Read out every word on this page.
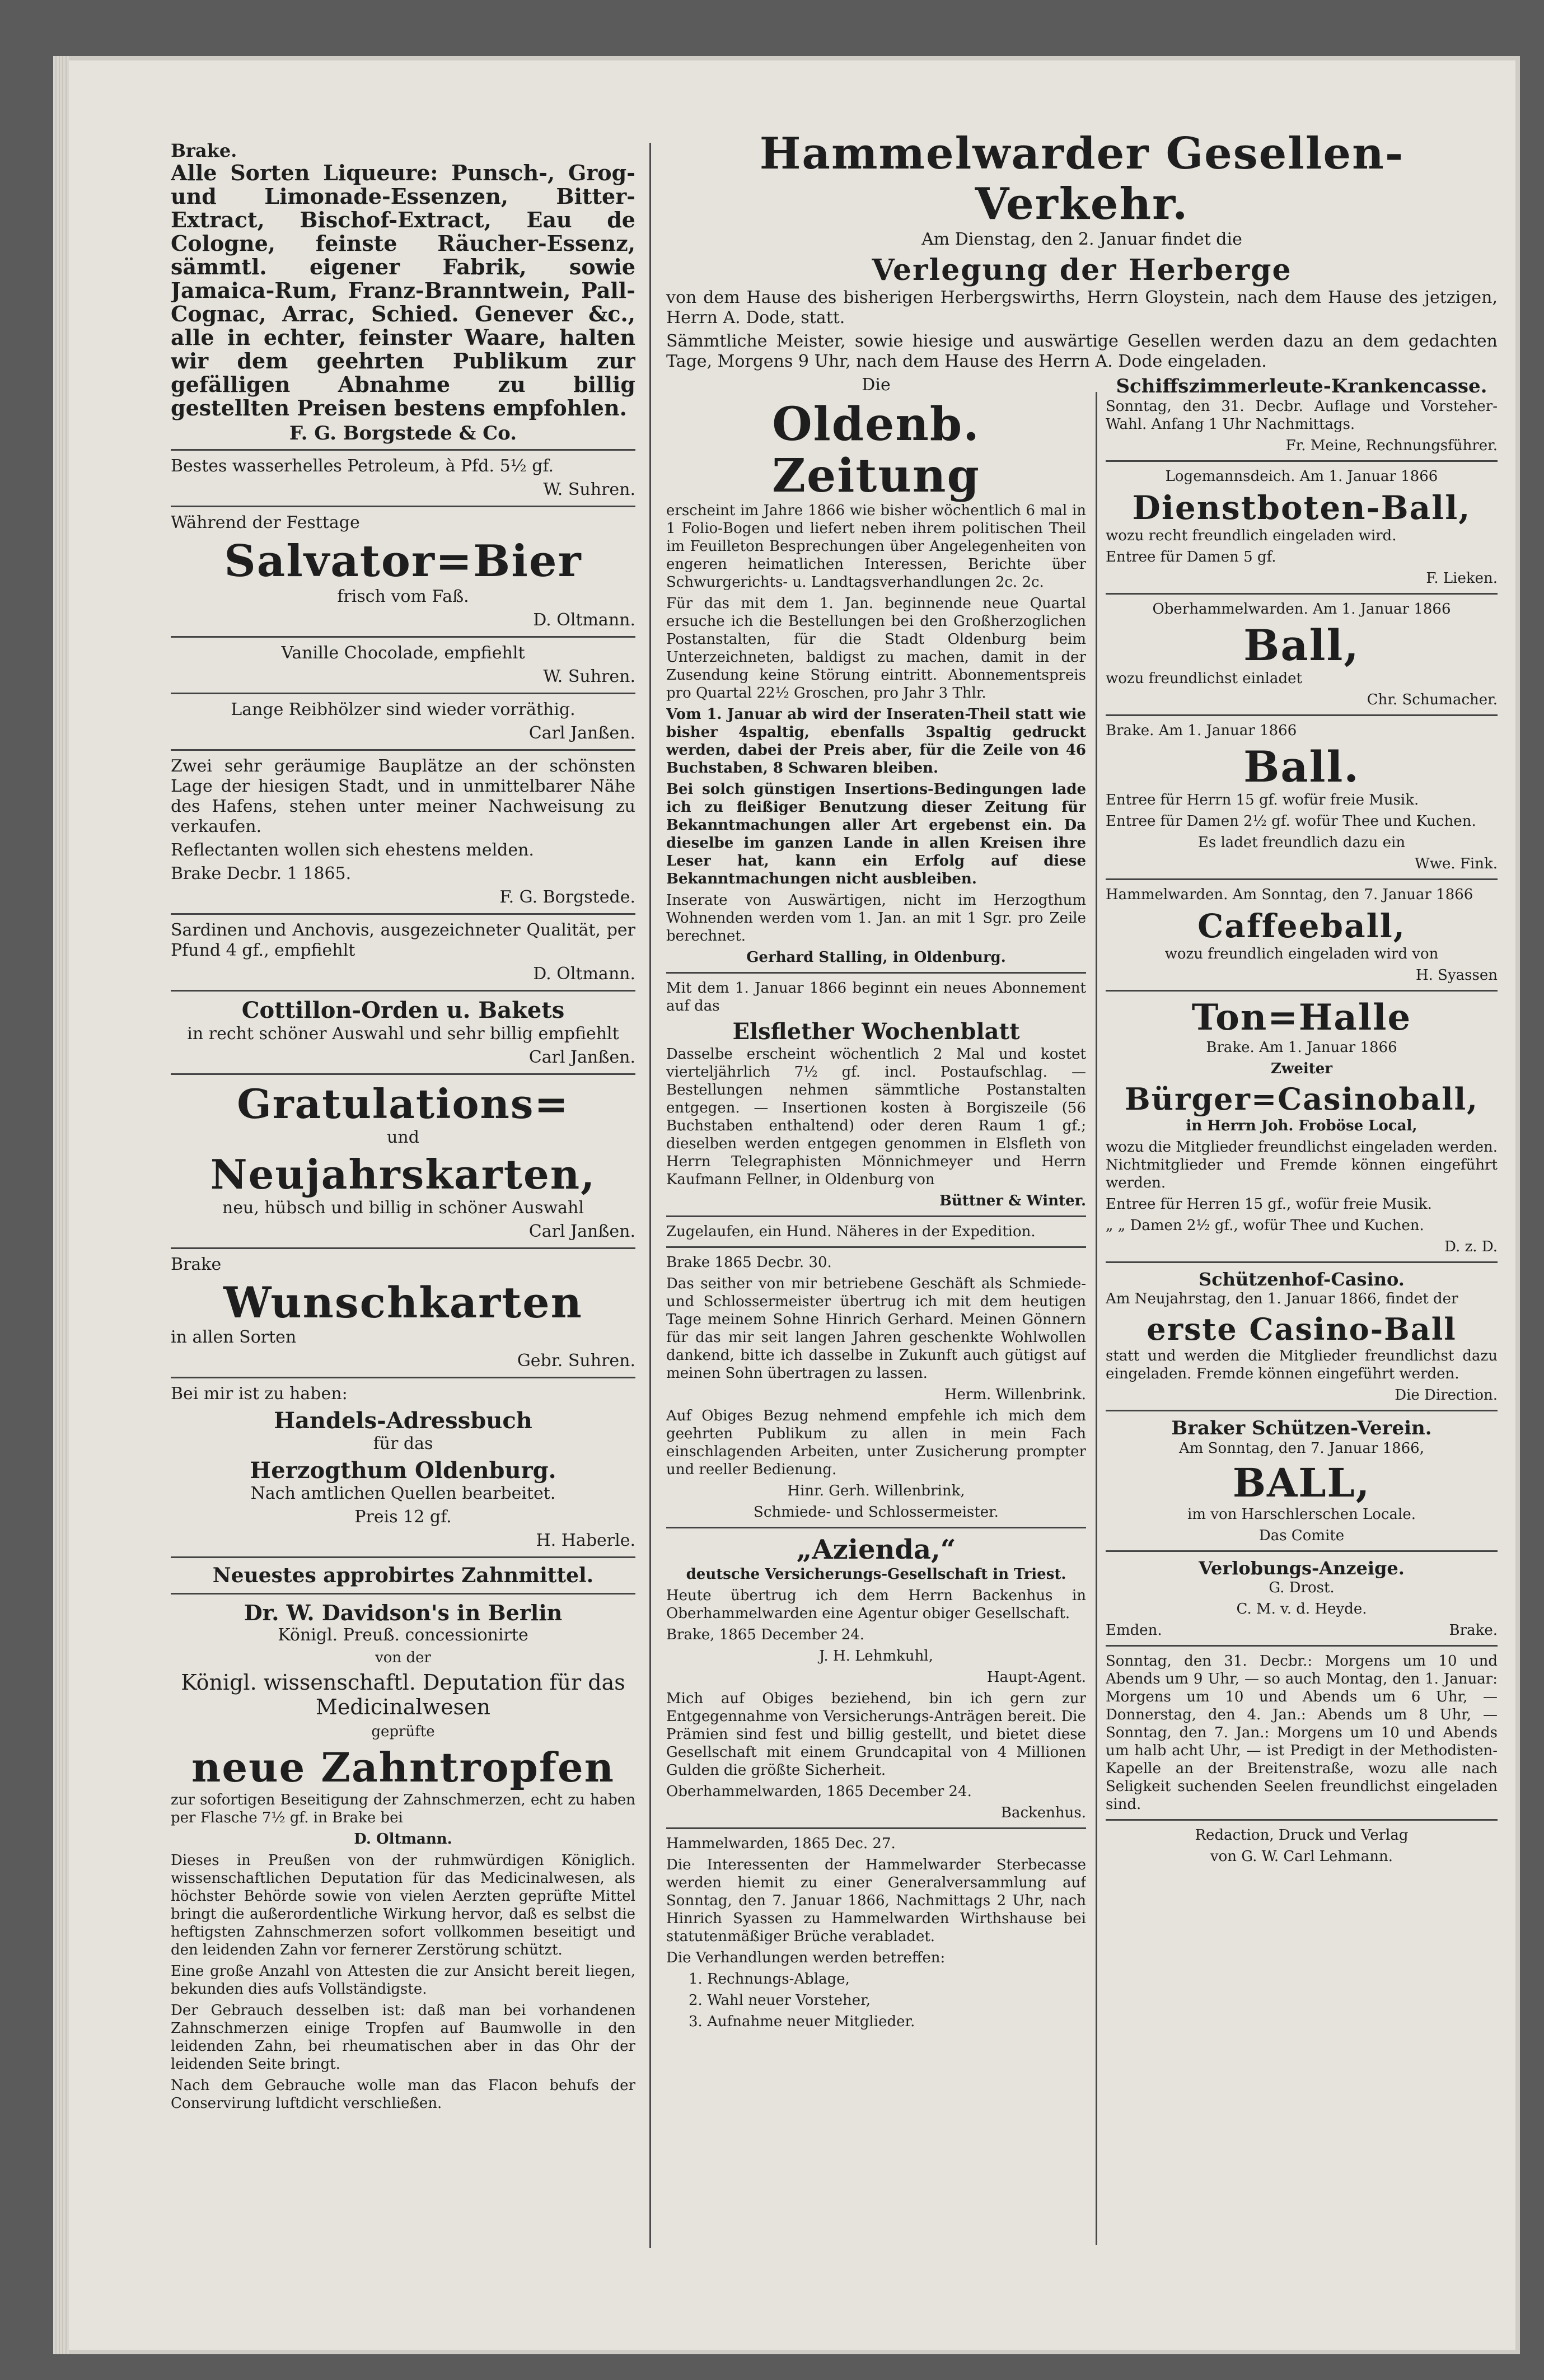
Hammelwarder Gesellen-Verkehr.

Am Dienstag, den 2. Januar findet die

Verlegung der Herberge

von dem Hause des bisherigen Herbergswirths, Herrn Gloystein, nach dem Hause des jetzigen, Herrn A. Dode, statt.

Sämmtliche Meister, sowie hiesige und auswärtige Gesellen werden dazu an dem gedachten Tage, Morgens 9 Uhr, nach dem Hause des Herrn A. Dode eingeladen.

Brake.

Alle Sorten Liqueure: Punsch-, Grog- und Limonade-Essenzen, Bitter-Extract, Bischof-Extract, Eau de Cologne, feinste Räucher-Essenz, sämmtl. eigener Fabrik, sowie Jamaica-Rum, Franz-Branntwein, Pall-Cognac, Arrac, Schied. Genever &c., alle in echter, feinster Waare, halten wir dem geehrten Publikum zur gefälligen Abnahme zu billig gestellten Preisen bestens empfohlen.

F. G. Borgstede & Co.

Bestes wasserhelles Petroleum, à Pfd. 5½ gf.

W. Suhren.

Während der Festtage

Salvator=Bier

frisch vom Faß.

D. Oltmann.

Vanille Chocolade, empfiehlt

W. Suhren.

Lange Reibhölzer sind wieder vorräthig.

Carl Janßen.

Zwei sehr geräumige Bauplätze an der schönsten Lage der hiesigen Stadt, und in unmittelbarer Nähe des Hafens, stehen unter meiner Nachweisung zu verkaufen.

Reflectanten wollen sich ehestens melden.

Brake Decbr. 1 1865.

F. G. Borgstede.

Sardinen und Anchovis, ausgezeichneter Qualität, per Pfund 4 gf., empfiehlt

D. Oltmann.

Cottillon-Orden u. Bakets

in recht schöner Auswahl und sehr billig empfiehlt

Carl Janßen.

Gratulations=

und

Neujahrskarten,

neu, hübsch und billig in schöner Auswahl

Carl Janßen.

Brake

Wunschkarten

in allen Sorten

Gebr. Suhren.

Bei mir ist zu haben:

Handels-Adressbuch

für das

Herzogthum Oldenburg.

Nach amtlichen Quellen bearbeitet.

Preis 12 gf.

H. Haberle.

Neuestes approbirtes Zahnmittel.
Dr. W. Davidson's in Berlin

Königl. Preuß. concessionirte

von der

Königl. wissenschaftl. Deputation für das Medicinalwesen

geprüfte

neue Zahntropfen

zur sofortigen Beseitigung der Zahnschmerzen, echt zu haben per Flasche 7½ gf. in Brake bei

D. Oltmann.

Dieses in Preußen von der ruhmwürdigen Königlich. wissenschaftlichen Deputation für das Medicinalwesen, als höchster Behörde sowie von vielen Aerzten geprüfte Mittel bringt die außerordentliche Wirkung hervor, daß es selbst die heftigsten Zahnschmerzen sofort vollkommen beseitigt und den leidenden Zahn vor fernerer Zerstörung schützt.

Eine große Anzahl von Attesten die zur Ansicht bereit liegen, bekunden dies aufs Vollständigste.

Der Gebrauch desselben ist: daß man bei vorhandenen Zahnschmerzen einige Tropfen auf Baumwolle in den leidenden Zahn, bei rheumatischen aber in das Ohr der leidenden Seite bringt.

Nach dem Gebrauche wolle man das Flacon behufs der Conservirung luftdicht verschließen.

Die

Oldenb. Zeitung

erscheint im Jahre 1866 wie bisher wöchentlich 6 mal in 1 Folio-Bogen und liefert neben ihrem politischen Theil im Feuilleton Besprechungen über Angelegenheiten von engeren heimatlichen Interessen, Berichte über Schwurgerichts- u. Landtagsverhandlungen 2c. 2c.

Für das mit dem 1. Jan. beginnende neue Quartal ersuche ich die Bestellungen bei den Großherzoglichen Postanstalten, für die Stadt Oldenburg beim Unterzeichneten, baldigst zu machen, damit in der Zusendung keine Störung eintritt. Abonnementspreis pro Quartal 22½ Groschen, pro Jahr 3 Thlr.

Vom 1. Januar ab wird der Inseraten-Theil statt wie bisher 4spaltig, ebenfalls 3spaltig gedruckt werden, dabei der Preis aber, für die Zeile von 46 Buchstaben, 8 Schwaren bleiben.

Bei solch günstigen Insertions-Bedingungen lade ich zu fleißiger Benutzung dieser Zeitung für Bekanntmachungen aller Art ergebenst ein. Da dieselbe im ganzen Lande in allen Kreisen ihre Leser hat, kann ein Erfolg auf diese Bekanntmachungen nicht ausbleiben.

Inserate von Auswärtigen, nicht im Herzogthum Wohnenden werden vom 1. Jan. an mit 1 Sgr. pro Zeile berechnet.

Gerhard Stalling, in Oldenburg.

Mit dem 1. Januar 1866 beginnt ein neues Abonnement auf das

Elsflether Wochenblatt

Dasselbe erscheint wöchentlich 2 Mal und kostet vierteljährlich 7½ gf. incl. Postaufschlag. — Bestellungen nehmen sämmtliche Postanstalten entgegen. — Insertionen kosten à Borgiszeile (56 Buchstaben enthaltend) oder deren Raum 1 gf.; dieselben werden entgegen genommen in Elsfleth von Herrn Telegraphisten Mönnichmeyer und Herrn Kaufmann Fellner, in Oldenburg von

Büttner & Winter.

Zugelaufen, ein Hund. Näheres in der Expedition.

Brake 1865 Decbr. 30.

Das seither von mir betriebene Geschäft als Schmiede- und Schlossermeister übertrug ich mit dem heutigen Tage meinem Sohne Hinrich Gerhard. Meinen Gönnern für das mir seit langen Jahren geschenkte Wohlwollen dankend, bitte ich dasselbe in Zukunft auch gütigst auf meinen Sohn übertragen zu lassen.

Herm. Willenbrink.

Auf Obiges Bezug nehmend empfehle ich mich dem geehrten Publikum zu allen in mein Fach einschlagenden Arbeiten, unter Zusicherung prompter und reeller Bedienung.

Hinr. Gerh. Willenbrink,

Schmiede- und Schlossermeister.

„Azienda,“

deutsche Versicherungs-Gesellschaft in Triest.

Heute übertrug ich dem Herrn Backenhus in Oberhammelwarden eine Agentur obiger Gesellschaft.

Brake, 1865 December 24.

J. H. Lehmkuhl,

Haupt-Agent.

Mich auf Obiges beziehend, bin ich gern zur Entgegennahme von Versicherungs-Anträgen bereit. Die Prämien sind fest und billig gestellt, und bietet diese Gesellschaft mit einem Grundcapital von 4 Millionen Gulden die größte Sicherheit.

Oberhammelwarden, 1865 December 24.

Backenhus.

Hammelwarden, 1865 Dec. 27.

Die Interessenten der Hammelwarder Sterbecasse werden hiemit zu einer Generalversammlung auf Sonntag, den 7. Januar 1866, Nachmittags 2 Uhr, nach Hinrich Syassen zu Hammelwarden Wirthshause bei statutenmäßiger Brüche verabladet.

Die Verhandlungen werden betreffen:

1. Rechnungs-Ablage,

2. Wahl neuer Vorsteher,

3. Aufnahme neuer Mitglieder.

Schiffszimmerleute-Krankencasse.

Sonntag, den 31. Decbr. Auflage und Vorsteher-Wahl. Anfang 1 Uhr Nachmittags.

Fr. Meine, Rechnungsführer.

Logemannsdeich. Am 1. Januar 1866

Dienstboten-Ball,

wozu recht freundlich eingeladen wird.

Entree für Damen 5 gf.

F. Lieken.

Oberhammelwarden. Am 1. Januar 1866

Ball,

wozu freundlichst einladet

Chr. Schumacher.

Brake. Am 1. Januar 1866

Ball.

Entree für Herrn 15 gf. wofür freie Musik.

Entree für Damen 2½ gf. wofür Thee und Kuchen.

Es ladet freundlich dazu ein

Wwe. Fink.

Hammelwarden. Am Sonntag, den 7. Januar 1866

Caffeeball,

wozu freundlich eingeladen wird von

H. Syassen

Ton=Halle

Brake. Am 1. Januar 1866

Zweiter

Bürger=Casinoball,

in Herrn Joh. Froböse Local,

wozu die Mitglieder freundlichst eingeladen werden. Nichtmitglieder und Fremde können eingeführt werden.

Entree für Herren 15 gf., wofür freie Musik.

„ „ Damen 2½ gf., wofür Thee und Kuchen.

D. z. D.

Schützenhof-Casino.

Am Neujahrstag, den 1. Januar 1866, findet der

erste Casino-Ball

statt und werden die Mitglieder freundlichst dazu eingeladen. Fremde können eingeführt werden.

Die Direction.

Braker Schützen-Verein.

Am Sonntag, den 7. Januar 1866,

BALL,

im von Harschlerschen Locale.

Das Comite

Verlobungs-Anzeige.

G. Drost.

C. M. v. d. Heyde.

Emden.	Brake.

Sonntag, den 31. Decbr.: Morgens um 10 und Abends um 9 Uhr, — so auch Montag, den 1. Januar: Morgens um 10 und Abends um 6 Uhr, — Donnerstag, den 4. Jan.: Abends um 8 Uhr, — Sonntag, den 7. Jan.: Morgens um 10 und Abends um halb acht Uhr, — ist Predigt in der Methodisten-Kapelle an der Breitenstraße, wozu alle nach Seligkeit suchenden Seelen freundlichst eingeladen sind.

Redaction, Druck und Verlag

von G. W. Carl Lehmann.
